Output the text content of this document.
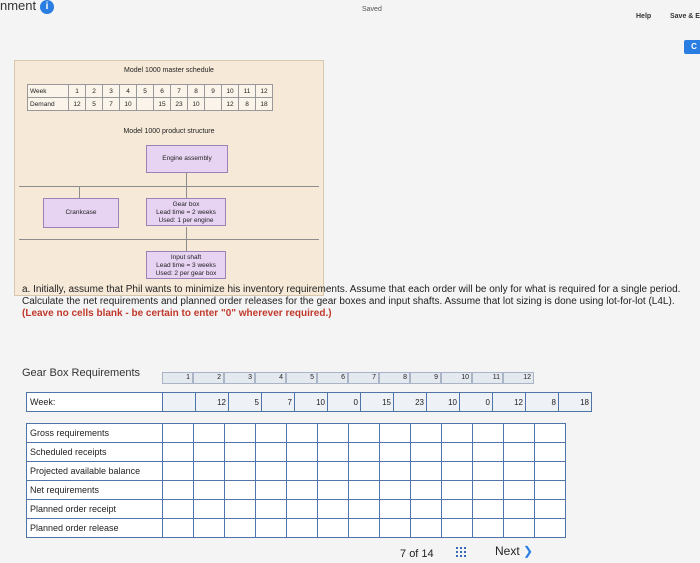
nment i	Saved
Help	Save & E
C
Model 1000 master schedule
Week	1	2	3	4	5	6	7	8	9	10	11	12
Demand	12	5	7	10		15	23	10		12	8	18
Model 1000 product structure
Engine assembly
Crankcase
Gear box
Lead time = 2 weeks
Used: 1 per engine
Input shaft
Lead time = 3 weeks
Used: 2 per gear box
a. Initially, assume that Phil wants to minimize his inventory requirements. Assume that each order will be only for what is required for a single period. Calculate the net requirements and planned order releases for the gear boxes and input shafts. Assume that lot sizing is done using lot-for-lot (L4L). (Leave no cells blank - be certain to enter "0" wherever required.)
Gear Box Requirements	1	2	3	4	5	6	7	8	9	10	11	12
Week:		12	5	7	10	0	15	23	10	0	12	8	18
Gross requirements													
Scheduled receipts													
Projected available balance													
Net requirements													
Planned order receipt													
Planned order release													
7 of 14	Next ❯
